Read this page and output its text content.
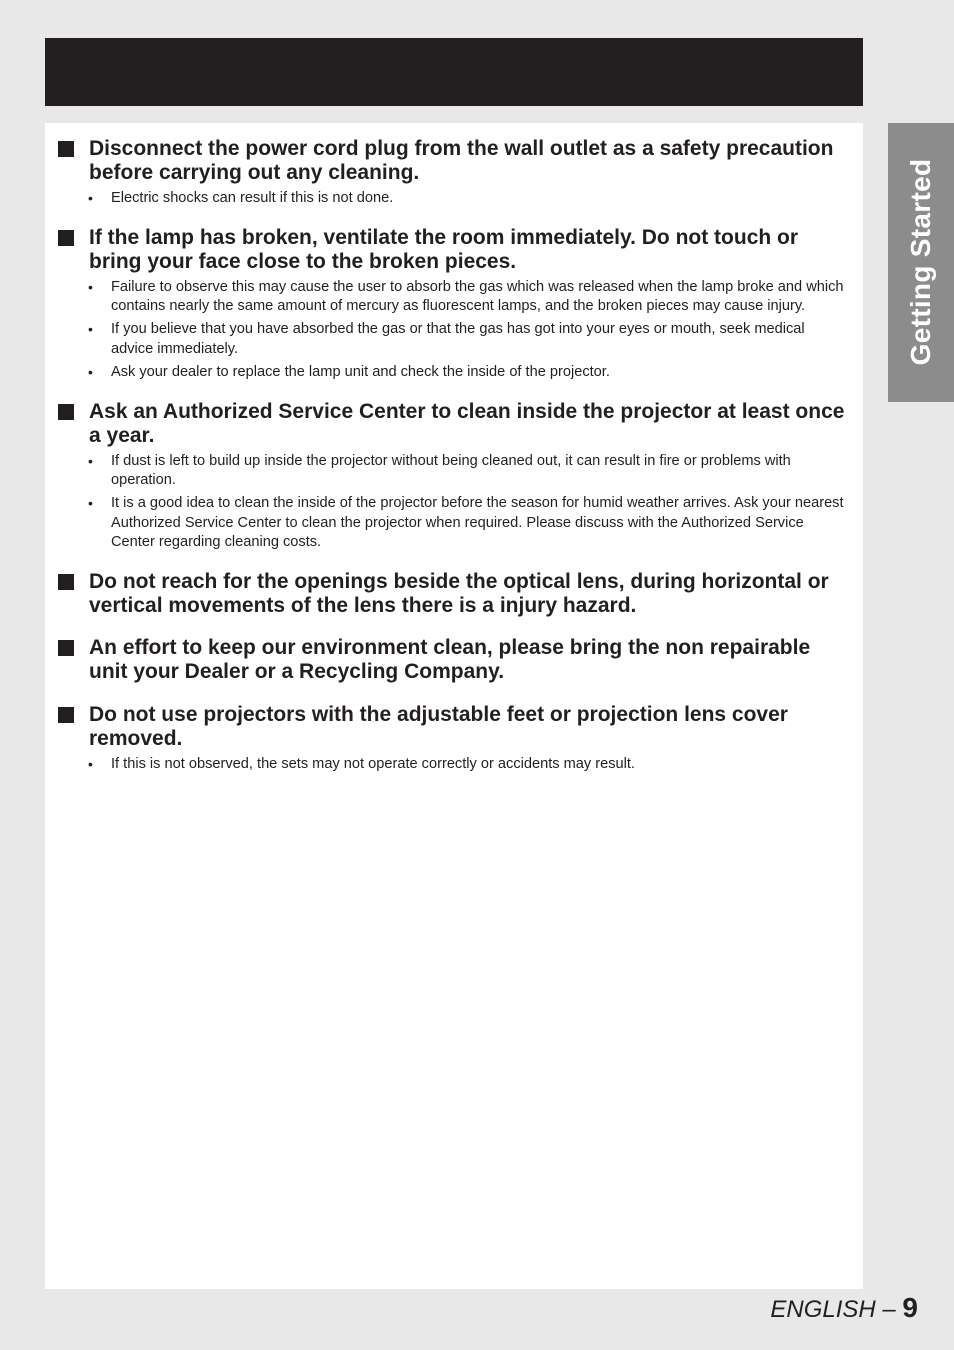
Getting Started
Disconnect the power cord plug from the wall outlet as a safety precaution before carrying out any cleaning.
• Electric shocks can result if this is not done.
If the lamp has broken, ventilate the room immediately. Do not touch or bring your face close to the broken pieces.
• Failure to observe this may cause the user to absorb the gas which was released when the lamp broke and which contains nearly the same amount of mercury as fluorescent lamps, and the broken pieces may cause injury.
• If you believe that you have absorbed the gas or that the gas has got into your eyes or mouth, seek medical advice immediately.
• Ask your dealer to replace the lamp unit and check the inside of the projector.
Ask an Authorized Service Center to clean inside the projector at least once a year.
• If dust is left to build up inside the projector without being cleaned out, it can result in fire or problems with operation.
• It is a good idea to clean the inside of the projector before the season for humid weather arrives. Ask your nearest Authorized Service Center to clean the projector when required. Please discuss with the Authorized Service Center regarding cleaning costs.
Do not reach for the openings beside the optical lens, during horizontal or vertical movements of the lens there is a injury hazard.
An effort to keep our environment clean, please bring the non repairable unit your Dealer or a Recycling Company.
Do not use projectors with the adjustable feet or projection lens cover removed.
• If this is not observed, the sets may not operate correctly or accidents may result.
ENGLISH – 9
